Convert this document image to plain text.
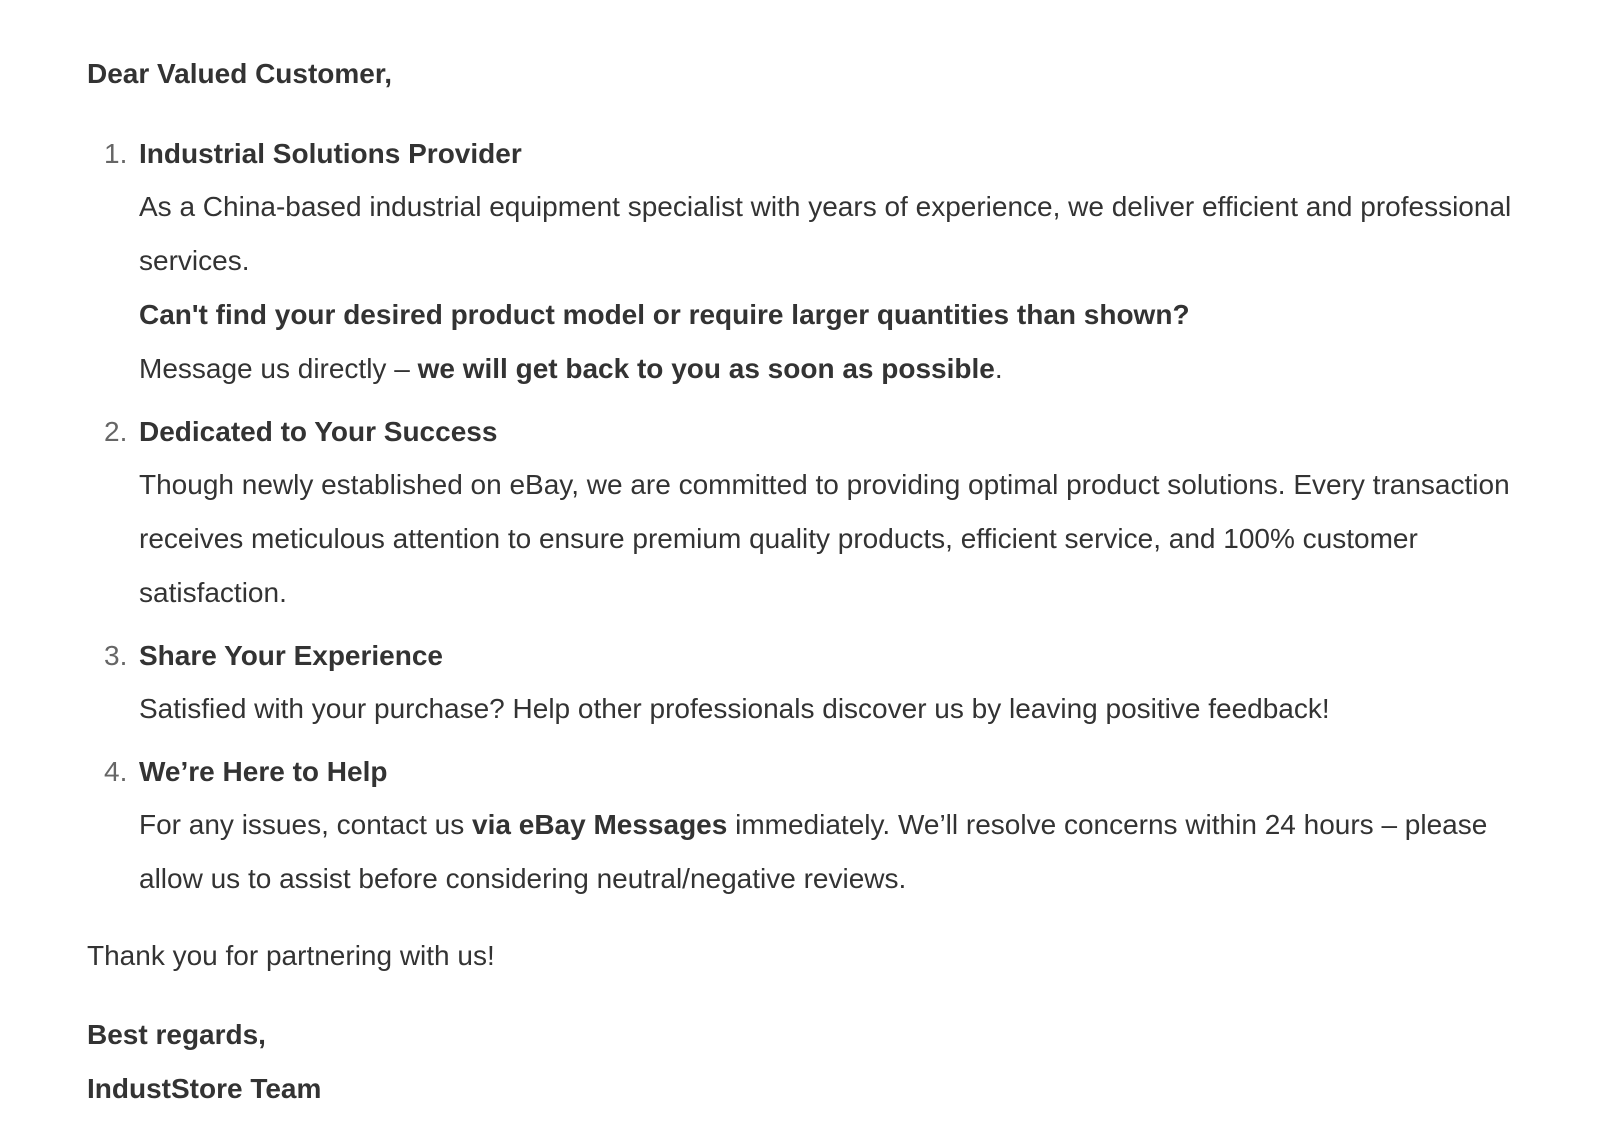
Dear Valued Customer,

1. Industrial Solutions Provider

As a China-based industrial equipment specialist with years of experience, we deliver efficient and professional services.

Can't find your desired product model or require larger quantities than shown?

Message us directly – we will get back to you as soon as possible.

2. Dedicated to Your Success

Though newly established on eBay, we are committed to providing optimal product solutions. Every transaction receives meticulous attention to ensure premium quality products, efficient service, and 100% customer satisfaction.

3. Share Your Experience

Satisfied with your purchase? Help other professionals discover us by leaving positive feedback!

4. We’re Here to Help

For any issues, contact us via eBay Messages immediately. We’ll resolve concerns within 24 hours – please allow us to assist before considering neutral/negative reviews.

Thank you for partnering with us!

Best regards,

IndustStore Team
